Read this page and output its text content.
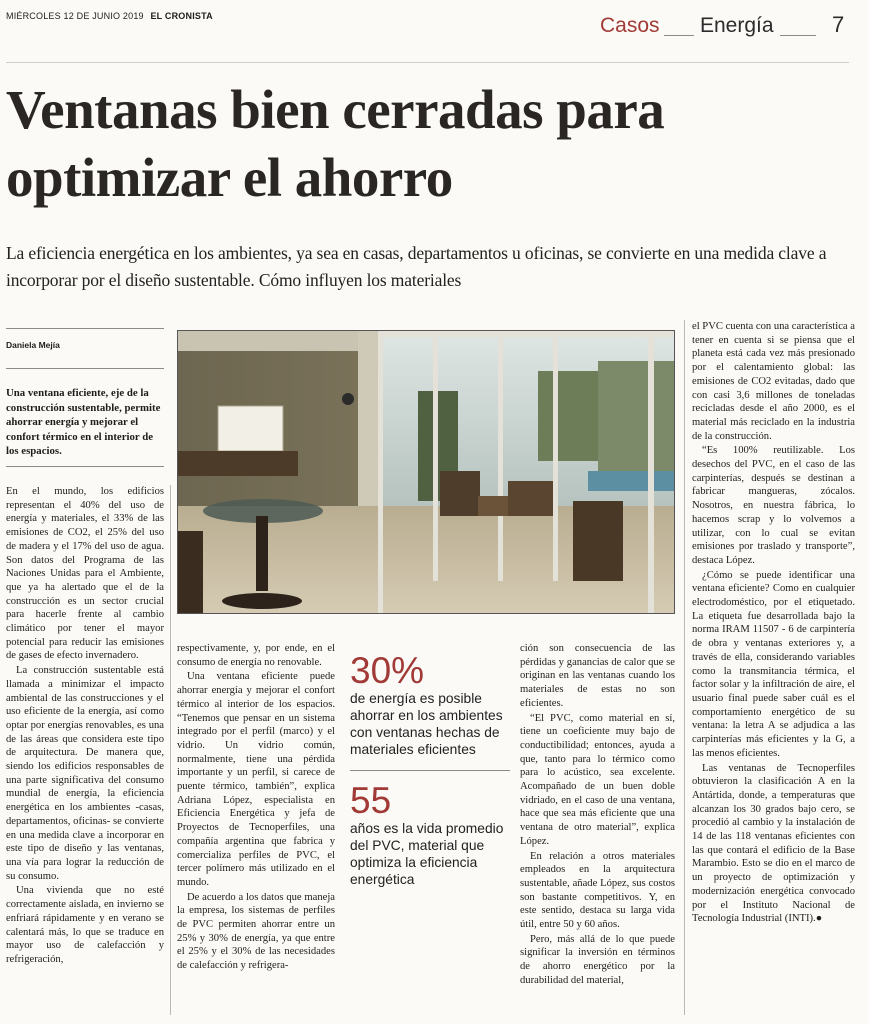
MIÉRCOLES 12 DE JUNIO 2019 EL CRONISTA	Casos Energía	7
Ventanas bien cerradas para
optimizar el ahorro
La eficiencia energética en los ambientes, ya sea en casas, departamentos u oficinas, se convierte en una medida clave a incorporar por el diseño sustentable. Cómo influyen los materiales
Daniela Mejía
Una ventana eficiente, eje de la construcción sustentable, permite ahorrar energía y mejorar el confort térmico en el interior de los espacios.

En el mundo, los edificios representan el 40% del uso de energía y materiales, el 33% de las emisiones de CO2, el 25% del uso de madera y el 17% del uso de agua. Son datos del Programa de las Naciones Unidas para el Ambiente, que ya ha alertado que el de la construcción es un sector crucial para hacerle frente al cambio climático por tener el mayor potencial para reducir las emisiones de gases de efecto invernadero.

La construcción sustentable está llamada a minimizar el impacto ambiental de las construcciones y el uso eficiente de la energía, así como optar por energías renovables, es una de las áreas que considera este tipo de arquitectura. De manera que, siendo los edificios responsables de una parte significativa del consumo mundial de energía, la eficiencia energética en los ambientes -casas, departamentos, oficinas- se convierte en una medida clave a incorporar en este tipo de diseño y las ventanas, una vía para lograr la reducción de su consumo.

Una vivienda que no esté correctamente aislada, en invierno se enfriará rápidamente y en verano se calentará más, lo que se traduce en mayor uso de calefacción y refrigeración,

respectivamente, y, por ende, en el consumo de energía no renovable.

Una ventana eficiente puede ahorrar energía y mejorar el confort térmico al interior de los espacios. “Tenemos que pensar en un sistema integrado por el perfil (marco) y el vidrio. Un vidrio común, normalmente, tiene una pérdida importante y un perfil, si carece de puente térmico, también”, explica Adriana López, especialista en Eficiencia Energética y jefa de Proyectos de Tecnoperfiles, una compañía argentina que fabrica y comercializa perfiles de PVC, el tercer polímero más utilizado en el mundo.

De acuerdo a los datos que maneja la empresa, los sistemas de perfiles de PVC permiten ahorrar entre un 25% y 30% de energía, ya que entre el 25% y el 30% de las necesidades de calefacción y refrigera-

30%
de energía es posible ahorrar en los ambientes con ventanas hechas de materiales eficientes
55
años es la vida promedio del PVC, material que optimiza la eficiencia energética

ción son consecuencia de las pérdidas y ganancias de calor que se originan en las ventanas cuando los materiales de estas no son eficientes.

“El PVC, como material en sí, tiene un coeficiente muy bajo de conductibilidad; entonces, ayuda a que, tanto para lo térmico como para lo acústico, sea excelente. Acompañado de un buen doble vidriado, en el caso de una ventana, hace que sea más eficiente que una ventana de otro material”, explica López.

En relación a otros materiales empleados en la arquitectura sustentable, añade López, sus costos son bastante competitivos. Y, en este sentido, destaca su larga vida útil, entre 50 y 60 años.

Pero, más allá de lo que puede significar la inversión en términos de ahorro energético por la durabilidad del material,

el PVC cuenta con una característica a tener en cuenta si se piensa que el planeta está cada vez más presionado por el calentamiento global: las emisiones de CO2 evitadas, dado que con casi 3,6 millones de toneladas recicladas desde el año 2000, es el material más reciclado en la industria de la construcción.

“Es 100% reutilizable. Los desechos del PVC, en el caso de las carpinterías, después se destinan a fabricar mangueras, zócalos. Nosotros, en nuestra fábrica, lo hacemos scrap y lo volvemos a utilizar, con lo cual se evitan emisiones por traslado y transporte”, destaca López.

¿Cómo se puede identificar una ventana eficiente? Como en cualquier electrodoméstico, por el etiquetado. La etiqueta fue desarrollada bajo la norma IRAM 11507 - 6 de carpintería de obra y ventanas exteriores y, a través de ella, considerando variables como la transmitancia térmica, el factor solar y la infiltración de aire, el usuario final puede saber cuál es el comportamiento energético de su ventana: la letra A se adjudica a las carpinterías más eficientes y la G, a las menos eficientes.

Las ventanas de Tecnoperfiles obtuvieron la clasificación A en la Antártida, donde, a temperaturas que alcanzan los 30 grados bajo cero, se procedió al cambio y la instalación de 14 de las 118 ventanas eficientes con las que contará el edificio de la Base Marambio. Esto se dio en el marco de un proyecto de optimización y modernización energética convocado por el Instituto Nacional de Tecnología Industrial (INTI).●
